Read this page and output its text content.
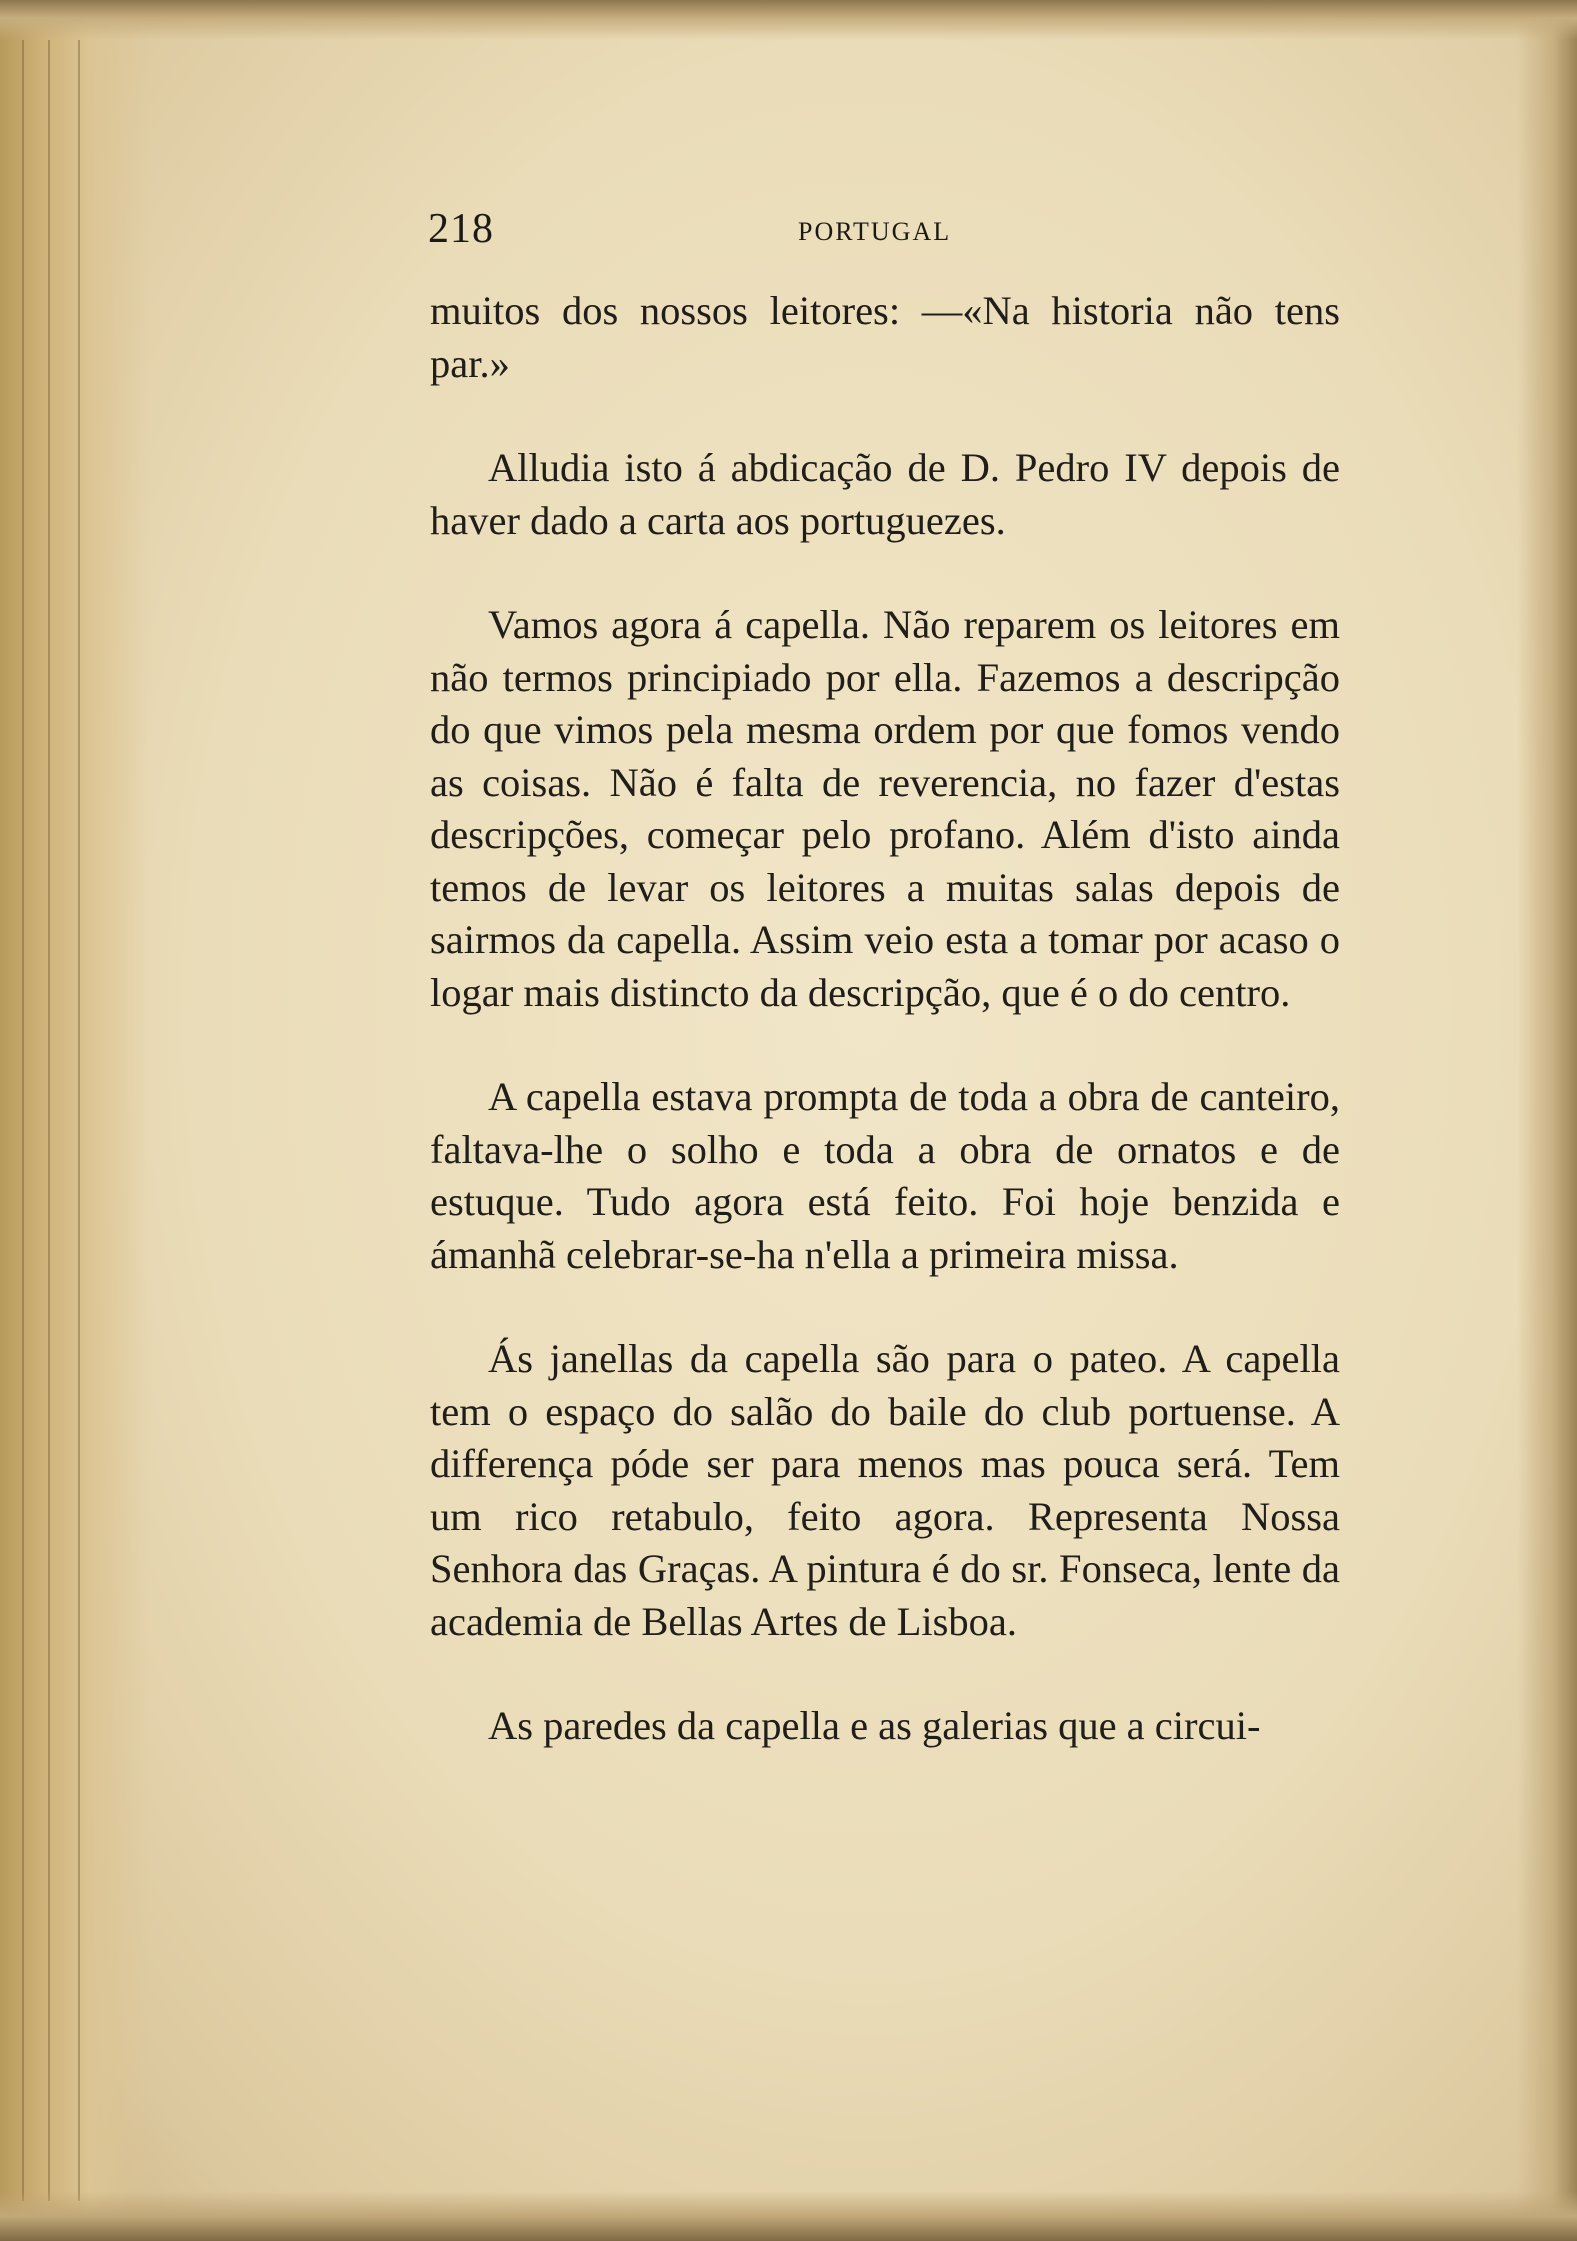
218	PORTUGAL

muitos dos nossos leitores: —«Na historia não tens par.»

Alludia isto á abdicação de D. Pedro IV depois de haver dado a carta aos portuguezes.

Vamos agora á capella. Não reparem os leitores em não termos principiado por ella. Fazemos a descripção do que vimos pela mesma ordem por que fomos vendo as coisas. Não é falta de reverencia, no fazer d'estas descripções, começar pelo profano. Além d'isto ainda temos de levar os leitores a muitas salas depois de sairmos da capella. Assim veio esta a tomar por acaso o logar mais distincto da descripção, que é o do centro.

A capella estava prompta de toda a obra de canteiro, faltava-lhe o solho e toda a obra de ornatos e de estuque. Tudo agora está feito. Foi hoje benzida e ámanhã celebrar-se-ha n'ella a primeira missa.

Ás janellas da capella são para o pateo. A capella tem o espaço do salão do baile do club portuense. A differença póde ser para menos mas pouca será. Tem um rico retabulo, feito agora. Representa Nossa Senhora das Graças. A pintura é do sr. Fonseca, lente da academia de Bellas Artes de Lisboa.

As paredes da capella e as galerias que a circui-
